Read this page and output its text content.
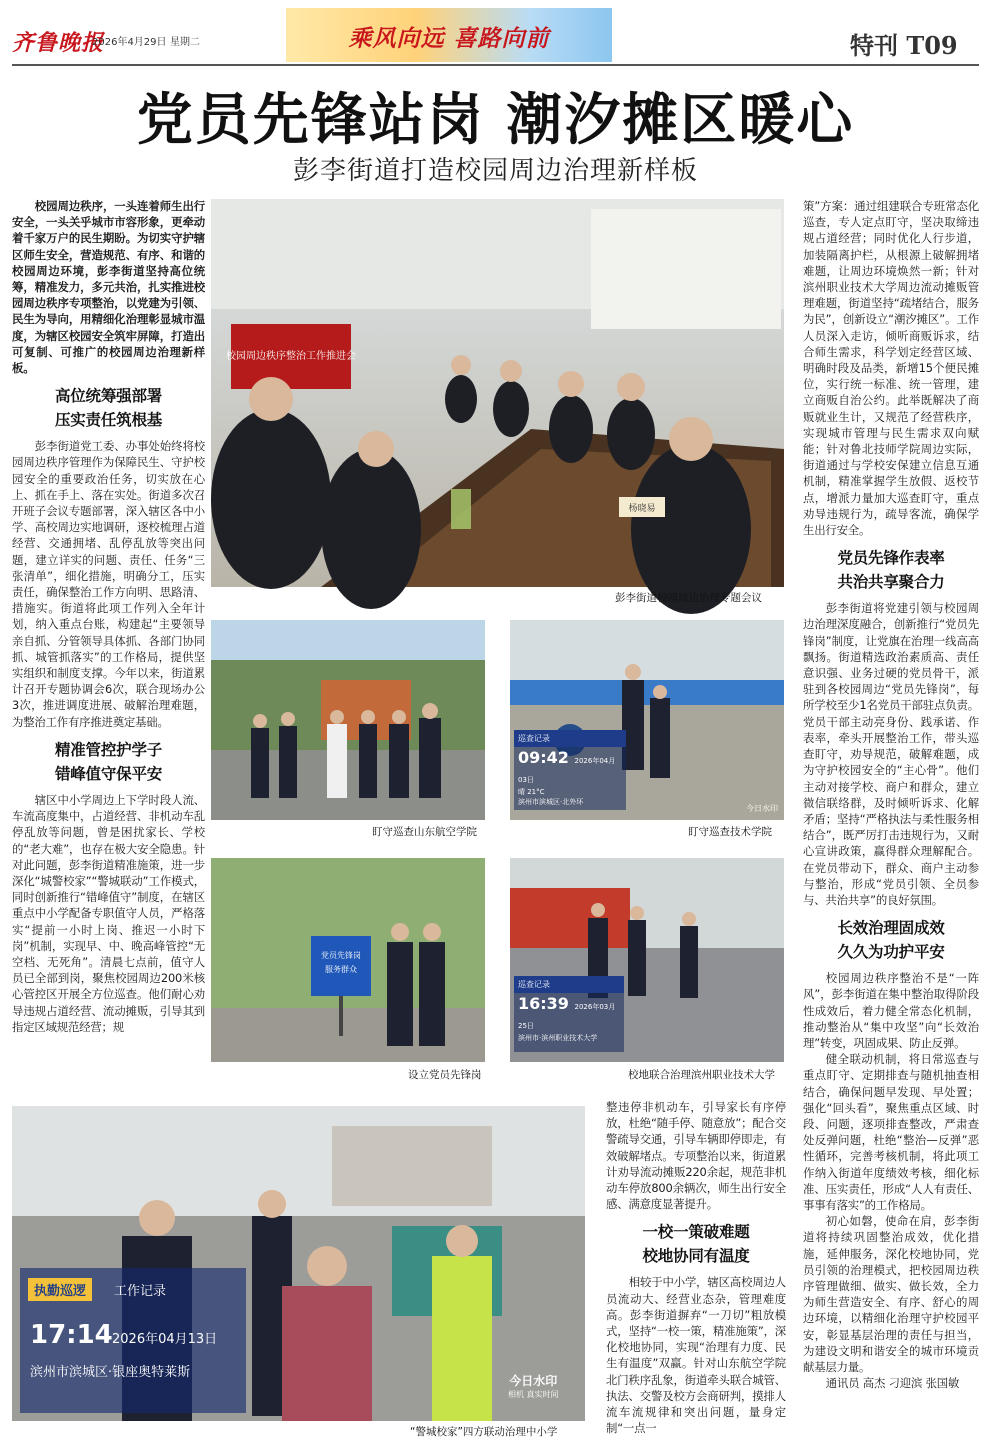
齐鲁晚报
2026年4月29日 星期二	乘风向远 喜路向前	特刊 T09
党员先锋站岗 潮汐摊区暖心
彭李街道打造校园周边治理新样板

校园周边秩序，一头连着师生出行安全，一头关乎城市市容形象，更牵动着千家万户的民生期盼。为切实守护辖区师生安全，营造规范、有序、和谐的校园周边环境，彭李街道坚持高位统筹，精准发力，多元共治，扎实推进校园周边秩序专项整治，以党建为引领、民生为导向，用精细化治理彰显城市温度，为辖区校园安全筑牢屏障，打造出可复制、可推广的校园周边治理新样板。

高位统筹强部署
压实责任筑根基

彭李街道党工委、办事处始终将校园周边秩序管理作为保障民生、守护校园安全的重要政治任务，切实放在心上、抓在手上、落在实处。街道多次召开班子会议专题部署，深入辖区各中小学、高校周边实地调研，逐校梳理占道经营、交通拥堵、乱停乱放等突出问题，建立详实的问题、责任、任务“三张清单”，细化措施，明确分工，压实责任，确保整治工作方向明、思路清、措施实。街道将此项工作列入全年计划，纳入重点台账，构建起“主要领导亲自抓、分管领导具体抓、各部门协同抓、城管抓落实”的工作格局，提供坚实组织和制度支撑。今年以来，街道累计召开专题协调会6次，联合现场办公3次，推进调度进展、破解治理难题，为整治工作有序推进奠定基础。

精准管控护学子
错峰值守保平安

辖区中小学周边上下学时段人流、车流高度集中，占道经营、非机动车乱停乱放等问题，曾是困扰家长、学校的“老大难”，也存在极大安全隐患。针对此问题，彭李街道精准施策，进一步深化“城警校家”“警城联动”工作模式，同时创新推行“错峰值守”制度，在辖区重点中小学配备专职值守人员，严格落实“提前一小时上岗、推迟一小时下岗”机制，实现早、中、晚高峰管控“无空档、无死角”。清晨七点前，值守人员已全部到岗，聚焦校园周边200米核心管控区开展全方位巡查。他们耐心劝导违规占道经营、流动摊贩，引导其到指定区域规范经营；规

校园周边秩序整治工作推进会
杨晓易
彭李街道校园周边治理专题会议
盯守巡查山东航空学院
巡查记录
09:42 2026年04月03日
晴 21°C
滨州市滨城区·北外环
今日水印
盯守巡查技术学院
党员先锋岗
服务群众
设立党员先锋岗
巡查记录
16:39 2026年03月25日
滨州市·滨州职业技术大学
校地联合治理滨州职业技术大学
执勤巡逻	工作记录
17:14 2026年04月13日
滨州市滨城区·银座奥特莱斯
今日水印
相机 真实时间
“警城校家”四方联动治理中小学

整违停非机动车，引导家长有序停放，杜绝“随手停、随意放”；配合交警疏导交通，引导车辆即停即走，有效破解堵点。专项整治以来，街道累计劝导流动摊贩220余起，规范非机动车停放800余辆次，师生出行安全感、满意度显著提升。

一校一策破难题
校地协同有温度

相较于中小学，辖区高校周边人员流动大、经营业态杂，管理难度高。彭李街道摒弃“一刀切”粗放模式，坚持“一校一策，精准施策”，深化校地协同，实现“治理有力度、民生有温度”双赢。针对山东航空学院北门秩序乱象，街道牵头联合城管、执法、交警及校方会商研判，摸排人流车流规律和突出问题，量身定制“一点一

策”方案：通过组建联合专班常态化巡查，专人定点盯守，坚决取缔违规占道经营；同时优化人行步道，加装隔离护栏，从根源上破解拥堵难题，让周边环境焕然一新；针对滨州职业技术大学周边流动摊贩管理难题，街道坚持“疏堵结合，服务为民”，创新设立“潮汐摊区”。工作人员深入走访，倾听商贩诉求，结合师生需求，科学划定经营区域、明确时段及品类，新增15个便民摊位，实行统一标准、统一管理，建立商贩自治公约。此举既解决了商贩就业生计，又规范了经营秩序，实现城市管理与民生需求双向赋能；针对鲁北技师学院周边实际，街道通过与学校安保建立信息互通机制，精准掌握学生放假、返校节点，增派力量加大巡查盯守，重点劝导违规行为，疏导客流，确保学生出行安全。

党员先锋作表率
共治共享聚合力

彭李街道将党建引领与校园周边治理深度融合，创新推行“党员先锋岗”制度，让党旗在治理一线高高飘扬。街道精选政治素质高、责任意识强、业务过硬的党员骨干，派驻到各校园周边“党员先锋岗”，每所学校至少1名党员干部驻点负责。党员干部主动亮身份、践承诺、作表率，牵头开展整治工作，带头巡查盯守，劝导规范，破解难题，成为守护校园安全的“主心骨”。他们主动对接学校、商户和群众，建立微信联络群，及时倾听诉求、化解矛盾；坚持“严格执法与柔性服务相结合”，既严厉打击违规行为，又耐心宣讲政策，赢得群众理解配合。在党员带动下，群众、商户主动参与整治，形成“党员引领、全员参与、共治共享”的良好氛围。

长效治理固成效
久久为功护平安

校园周边秩序整治不是“一阵风”，彭李街道在集中整治取得阶段性成效后，着力健全常态化机制，推动整治从“集中攻坚”向“长效治理”转变，巩固成果、防止反弹。

健全联动机制，将日常巡查与重点盯守、定期排查与随机抽查相结合，确保问题早发现、早处置；强化“回头看”，聚焦重点区域、时段、问题，逐项排查整改，严肃查处反弹问题，杜绝“整治—反弹”恶性循环，完善考核机制，将此项工作纳入街道年度绩效考核，细化标准、压实责任，形成“人人有责任、事事有落实”的工作格局。

初心如磐，使命在肩，彭李街道将持续巩固整治成效，优化措施，延伸服务，深化校地协同，党员引领的治理模式，把校园周边秩序管理做细、做实、做长效，全力为师生营造安全、有序、舒心的周边环境，以精细化治理守护校园平安，彰显基层治理的责任与担当，为建设文明和谐安全的城市环境贡献基层力量。

通讯员 高杰 刁迎滨 张国敏
